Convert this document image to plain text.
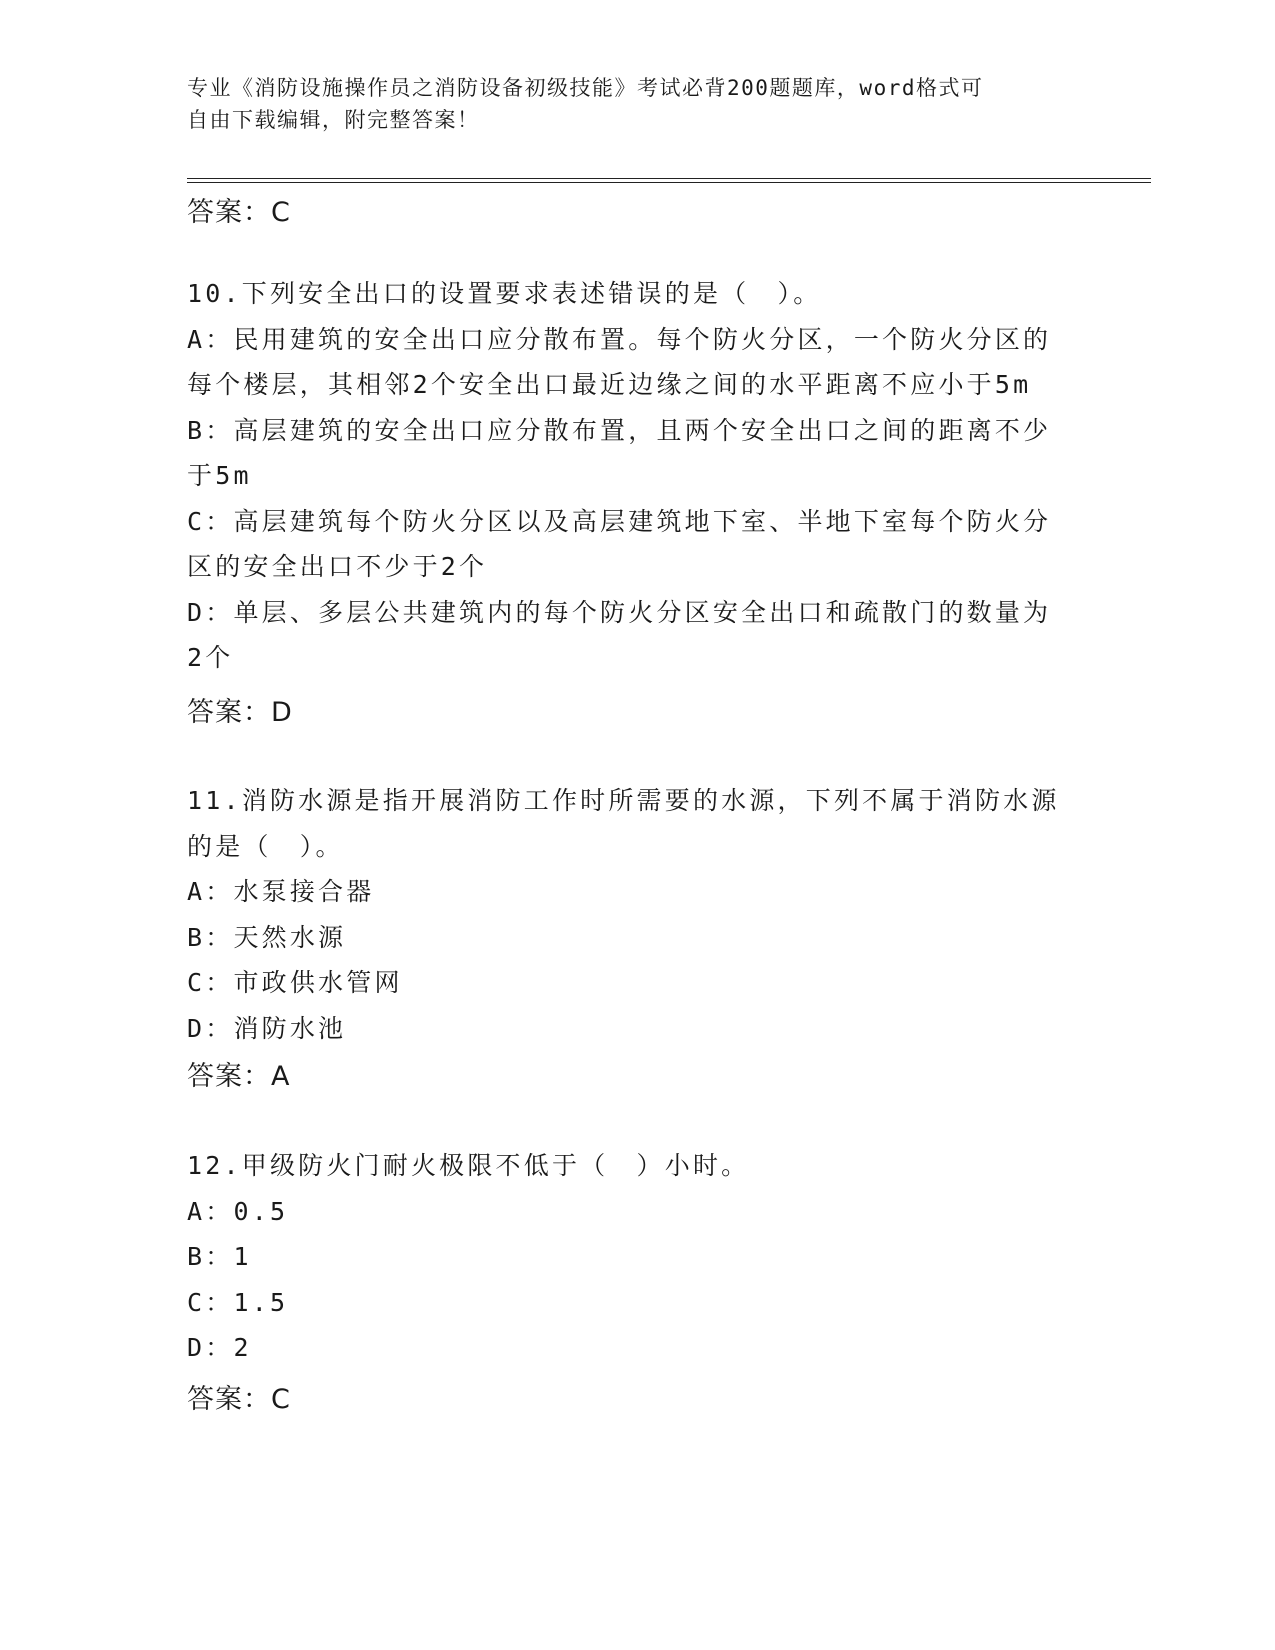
专业《消防设施操作员之消防设备初级技能》考试必背200题题库，word格式可
自由下载编辑，附完整答案！
答案：C
10.下列安全出口的设置要求表述错误的是（　）。
A：民用建筑的安全出口应分散布置。每个防火分区，一个防火分区的
每个楼层，其相邻2个安全出口最近边缘之间的水平距离不应小于5m
B：高层建筑的安全出口应分散布置，且两个安全出口之间的距离不少
于5m
C：高层建筑每个防火分区以及高层建筑地下室、半地下室每个防火分
区的安全出口不少于2个
D：单层、多层公共建筑内的每个防火分区安全出口和疏散门的数量为
2个
答案：D
11.消防水源是指开展消防工作时所需要的水源，下列不属于消防水源
的是（　）。
A：水泵接合器
B：天然水源
C：市政供水管网
D：消防水池
答案：A
12.甲级防火门耐火极限不低于（　）小时。
A：0.5
B：1
C：1.5
D：2
答案：C
